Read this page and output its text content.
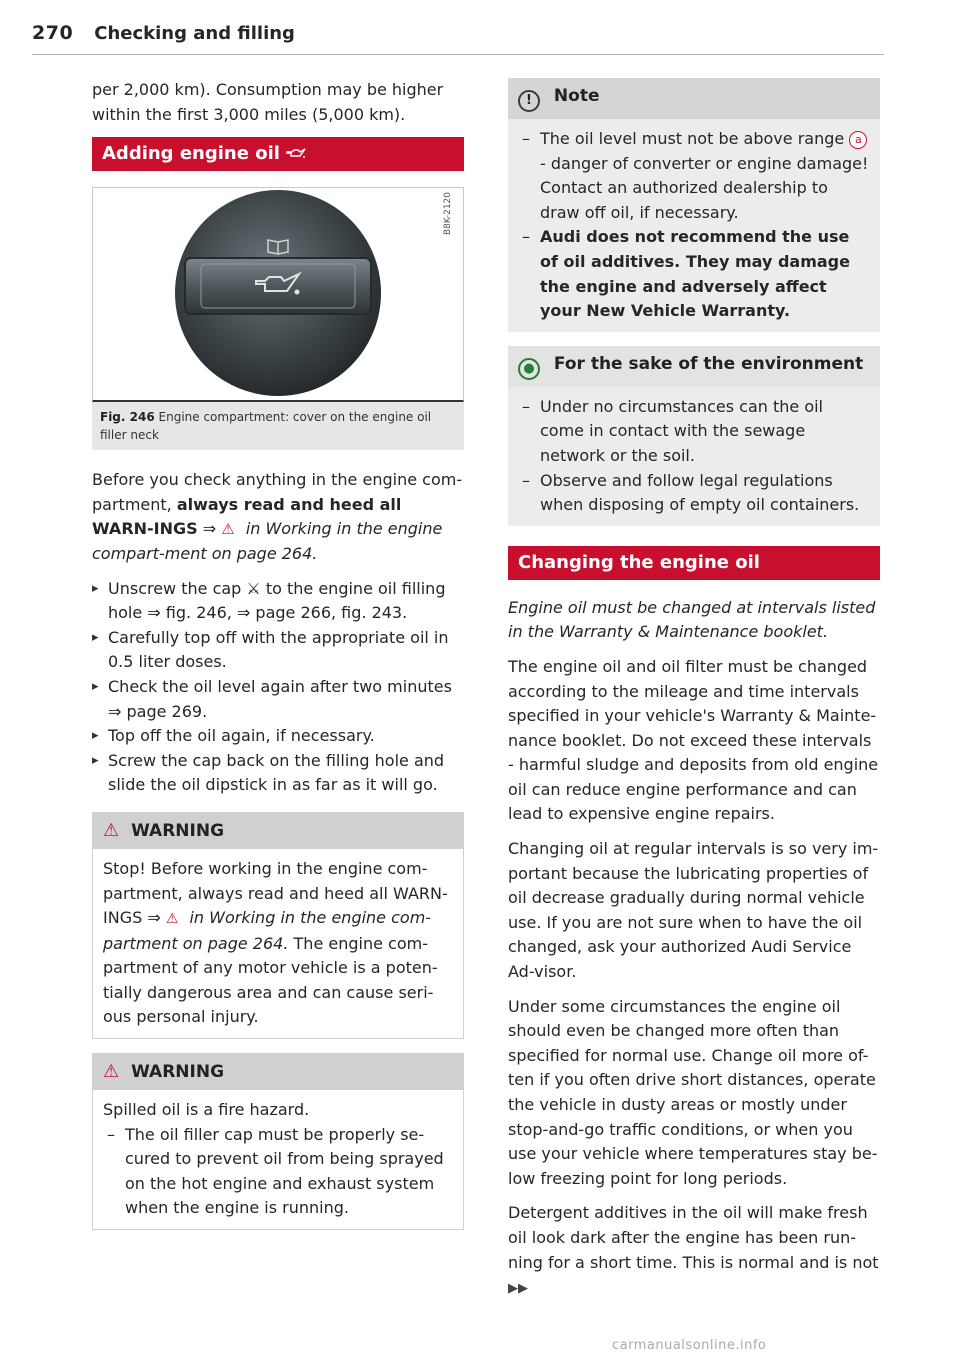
270 Checking and filling

per 2,000 km). Consumption may be higher within the first 3,000 miles (5,000 km).

Adding engine oil
B8K-2120
Fig. 246 Engine compartment: cover on the engine oil filler neck

Before you check anything in the engine com-partment, always read and heed all WARN-INGS ⇒ ⚠ in Working in the engine compart-ment on page 264.

▸ Unscrew the cap ⚔ to the engine oil filling hole ⇒ fig. 246, ⇒ page 266, fig. 243.
▸ Carefully top off with the appropriate oil in 0.5 liter doses.
▸ Check the oil level again after two minutes ⇒ page 269.
▸ Top off the oil again, if necessary.
▸ Screw the cap back on the filling hole and slide the oil dipstick in as far as it will go.
⚠ WARNING
Stop! Before working in the engine com-partment, always read and heed all WARN-INGS ⇒ ⚠ in Working in the engine com-partment on page 264. The engine com-partment of any motor vehicle is a poten-tially dangerous area and can cause seri-ous personal injury.
⚠ WARNING
Spilled oil is a fire hazard.
– The oil filler cap must be properly se-cured to prevent oil from being sprayed on the hot engine and exhaust system when the engine is running.
! Note
– The oil level must not be above range a - danger of converter or engine damage! Contact an authorized dealership to draw off oil, if necessary.
– Audi does not recommend the use of oil additives. They may damage the engine and adversely affect your New Vehicle Warranty.
● For the sake of the environment
– Under no circumstances can the oil come in contact with the sewage network or the soil.
– Observe and follow legal regulations when disposing of empty oil containers.
Changing the engine oil

Engine oil must be changed at intervals listed in the Warranty & Maintenance booklet.

The engine oil and oil filter must be changed according to the mileage and time intervals specified in your vehicle's Warranty & Mainte-nance booklet. Do not exceed these intervals - harmful sludge and deposits from old engine oil can reduce engine performance and can lead to expensive engine repairs.

Changing oil at regular intervals is so very im-portant because the lubricating properties of oil decrease gradually during normal vehicle use. If you are not sure when to have the oil changed, ask your authorized Audi Service Ad-visor.

Under some circumstances the engine oil should even be changed more often than specified for normal use. Change oil more of-ten if you often drive short distances, operate the vehicle in dusty areas or mostly under stop-and-go traffic conditions, or when you use your vehicle where temperatures stay be-low freezing point for long periods.

Detergent additives in the oil will make fresh oil look dark after the engine has been run-ning for a short time. This is normal and is not ▶▶

carmanualsonline.info
